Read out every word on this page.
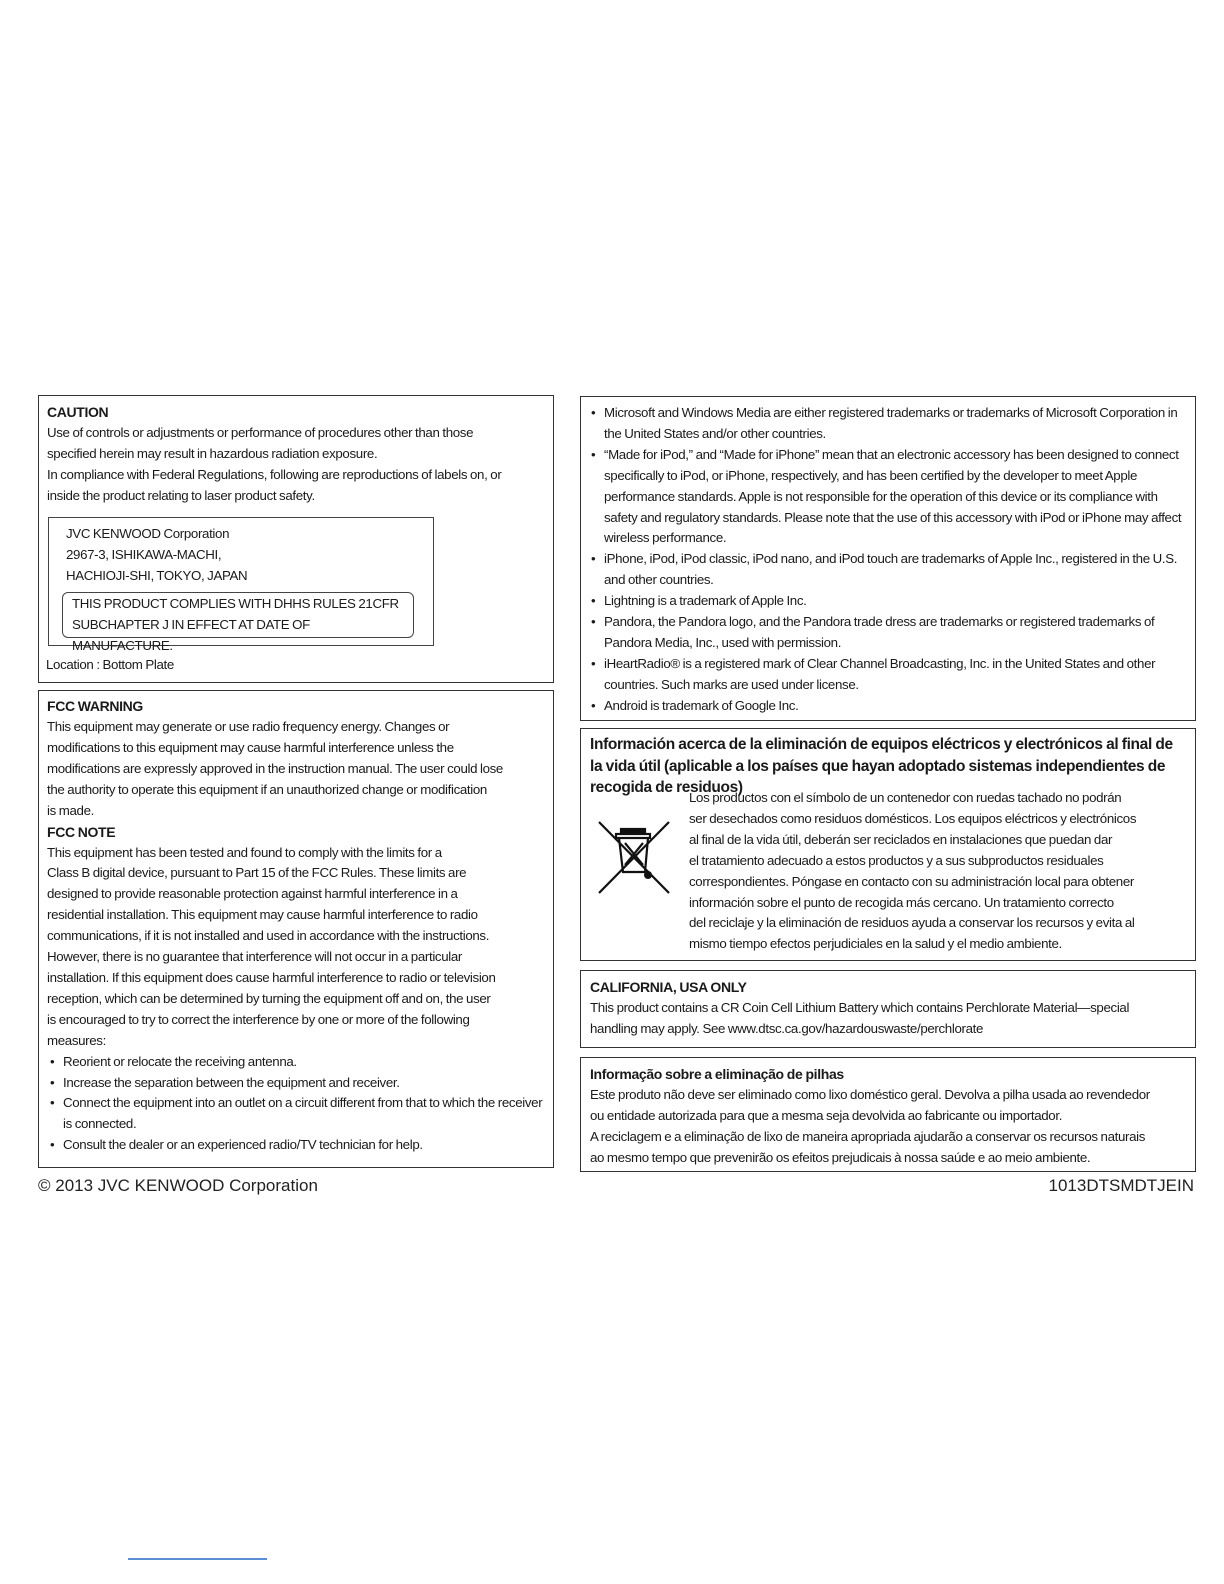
CAUTION

Use of controls or adjustments or performance of procedures other than those

specified herein may result in hazardous radiation exposure.

In compliance with Federal Regulations, following are reproductions of labels on, or

inside the product relating to laser product safety.

JVC KENWOOD Corporation

2967-3, ISHIKAWA-MACHI,

HACHIOJI-SHI, TOKYO, JAPAN

THIS PRODUCT COMPLIES WITH DHHS RULES 21CFR

SUBCHAPTER J IN EFFECT AT DATE OF MANUFACTURE.

Location : Bottom Plate

FCC WARNING

This equipment may generate or use radio frequency energy. Changes or

modifications to this equipment may cause harmful interference unless the

modifications are expressly approved in the instruction manual. The user could lose

the authority to operate this equipment if an unauthorized change or modification

is made.

FCC NOTE

This equipment has been tested and found to comply with the limits for a

Class B digital device, pursuant to Part 15 of the FCC Rules. These limits are

designed to provide reasonable protection against harmful interference in a

residential installation. This equipment may cause harmful interference to radio

communications, if it is not installed and used in accordance with the instructions.

However, there is no guarantee that interference will not occur in a particular

installation. If this equipment does cause harmful interference to radio or television

reception, which can be determined by turning the equipment off and on, the user

is encouraged to try to correct the interference by one or more of the following

measures:

• Reorient or relocate the receiving antenna.
• Increase the separation between the equipment and receiver.
• Connect the equipment into an outlet on a circuit different from that to which the receiver is connected.
• Consult the dealer or an experienced radio/TV technician for help.
• Microsoft and Windows Media are either registered trademarks or trademarks of Microsoft Corporation in the United States and/or other countries.
• “Made for iPod,” and “Made for iPhone” mean that an electronic accessory has been designed to connect specifically to iPod, or iPhone, respectively, and has been certified by the developer to meet Apple performance standards. Apple is not responsible for the operation of this device or its compliance with safety and regulatory standards. Please note that the use of this accessory with iPod or iPhone may affect wireless performance.
• iPhone, iPod, iPod classic, iPod nano, and iPod touch are trademarks of Apple Inc., registered in the U.S. and other countries.
• Lightning is a trademark of Apple Inc.
• Pandora, the Pandora logo, and the Pandora trade dress are trademarks or registered trademarks of Pandora Media, Inc., used with permission.
• iHeartRadio® is a registered mark of Clear Channel Broadcasting, Inc. in the United States and other countries. Such marks are used under license.
• Android is trademark of Google Inc.

Información acerca de la eliminación de equipos eléctricos y electrónicos al final de la vida útil (aplicable a los países que hayan adoptado sistemas independientes de recogida de residuos)

Los productos con el símbolo de un contenedor con ruedas tachado no podrán

ser desechados como residuos domésticos. Los equipos eléctricos y electrónicos

al final de la vida útil, deberán ser reciclados en instalaciones que puedan dar

el tratamiento adecuado a estos productos y a sus subproductos residuales

correspondientes. Póngase en contacto con su administración local para obtener

información sobre el punto de recogida más cercano. Un tratamiento correcto

del reciclaje y la eliminación de residuos ayuda a conservar los recursos y evita al

mismo tiempo efectos perjudiciales en la salud y el medio ambiente.

CALIFORNIA, USA ONLY

This product contains a CR Coin Cell Lithium Battery which contains Perchlorate Material—special

handling may apply. See www.dtsc.ca.gov/hazardouswaste/perchlorate

Informação sobre a eliminação de pilhas

Este produto não deve ser eliminado como lixo doméstico geral. Devolva a pilha usada ao revendedor

ou entidade autorizada para que a mesma seja devolvida ao fabricante ou importador.

A reciclagem e a eliminação de lixo de maneira apropriada ajudarão a conservar os recursos naturais

ao mesmo tempo que prevenirão os efeitos prejudicais à nossa saúde e ao meio ambiente.

© 2013 JVC KENWOOD Corporation	1013DTSMDTJEIN
